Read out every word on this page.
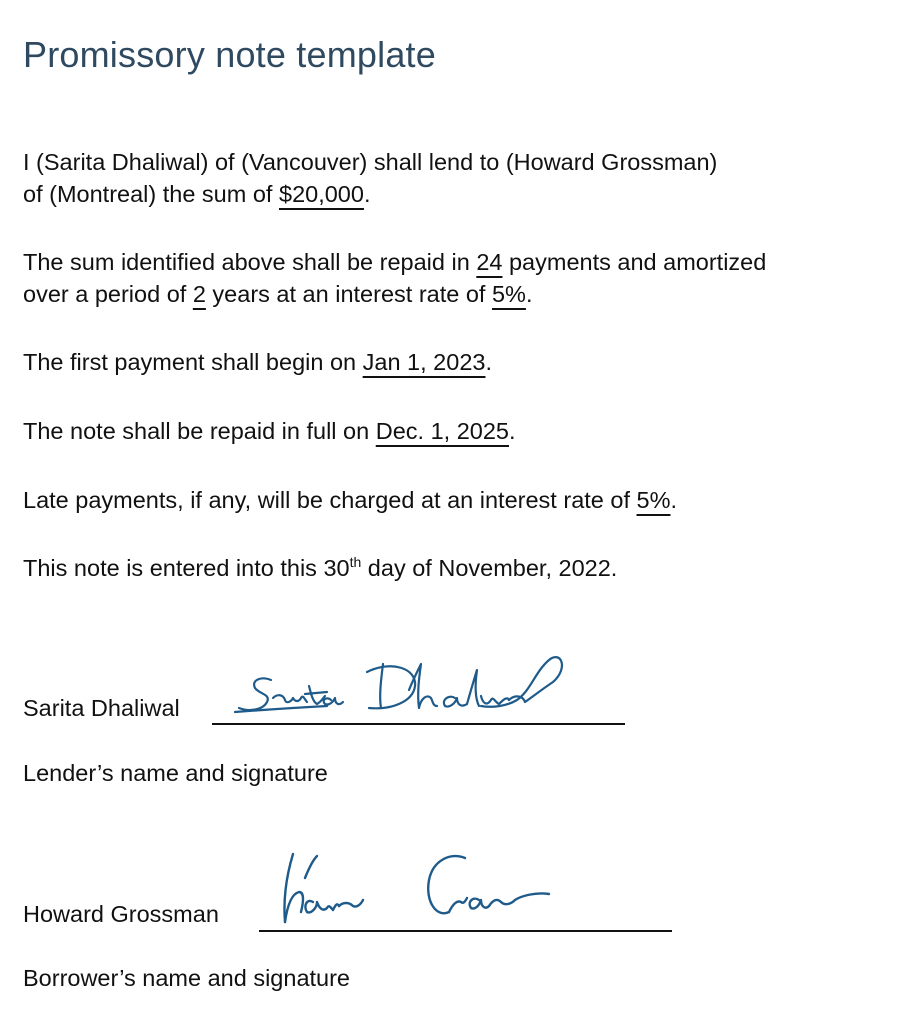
Promissory note template
I (Sarita Dhaliwal) of (Vancouver) shall lend to (Howard Grossman)
of (Montreal) the sum of $20,000.
The sum identified above shall be repaid in 24 payments and amortized
over a period of 2 years at an interest rate of 5%.
The first payment shall begin on Jan 1, 2023.
The note shall be repaid in full on Dec. 1, 2025.
Late payments, if any, will be charged at an interest rate of 5%.
This note is entered into this 30th day of November, 2022.
Sarita Dhaliwal
Lender’s name and signature
Howard Grossman
Borrower’s name and signature
